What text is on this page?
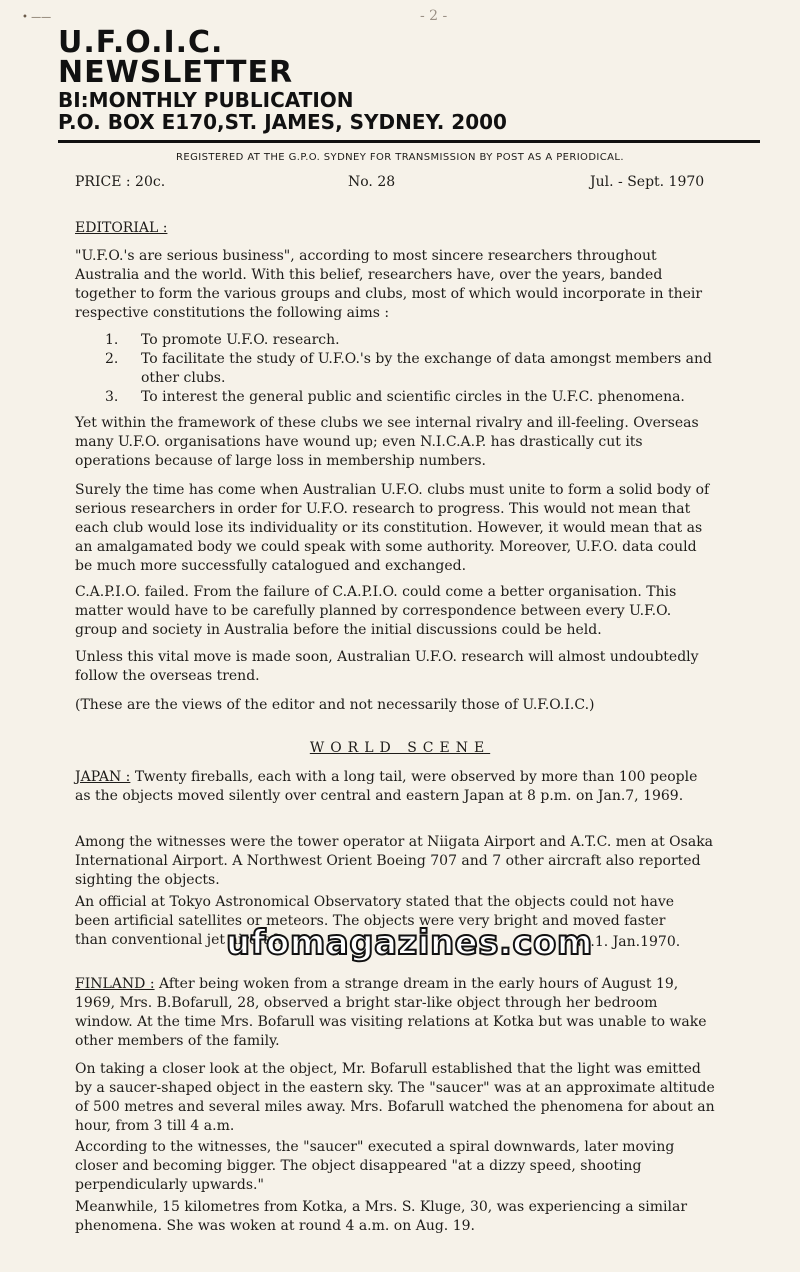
• ——	- 2 -
U.F.O.I.C.
NEWSLETTER
BI:MONTHLY PUBLICATION
P.O. BOX E170,ST. JAMES, SYDNEY. 2000
REGISTERED AT THE G.P.O. SYDNEY FOR TRANSMISSION BY POST AS A PERIODICAL.
PRICE : 20c.	No. 28	Jul. - Sept. 1970
EDITORIAL :

"U.F.O.'s are serious business", according to most sincere researchers throughout Australia and the world. With this belief, researchers have, over the years, banded together to form the various groups and clubs, most of which would incorporate in their respective constitutions the following aims :

1. To promote U.F.O. research.
2. To facilitate the study of U.F.O.'s by the exchange of data amongst members and other clubs.
3. To interest the general public and scientific circles in the U.F.C. phenomena.

Yet within the framework of these clubs we see internal rivalry and ill-feeling. Overseas many U.F.O. organisations have wound up; even N.I.C.A.P. has drastically cut its operations because of large loss in membership numbers.

Surely the time has come when Australian U.F.O. clubs must unite to form a solid body of serious researchers in order for U.F.O. research to progress. This would not mean that each club would lose its individuality or its constitution. However, it would mean that as an amalgamated body we could speak with some authority. Moreover, U.F.O. data could be much more successfully catalogued and exchanged.

C.A.P.I.O. failed. From the failure of C.A.P.I.O. could come a better organisation. This matter would have to be carefully planned by correspondence between every U.F.O. group and society in Australia before the initial discussions could be held.

Unless this vital move is made soon, Australian U.F.O. research will almost undoubtedly follow the overseas trend.

(These are the views of the editor and not necessarily those of U.F.O.I.C.)

WORLD SCENE

JAPAN : Twenty fireballs, each with a long tail, were observed by more than 100 people as the objects moved silently over central and eastern Japan at 8 p.m. on Jan.7, 1969.

Among the witnesses were the tower operator at Niigata Airport and A.T.C. men at Osaka International Airport. A Northwest Orient Boeing 707 and 7 other aircraft also reported sighting the objects.

An official at Tokyo Astronomical Observatory stated that the objects could not have been artificial satellites or meteors. The objects were very bright and moved faster than conventional jet aircraft.	No.1. Jan.1970.
ufomagazines.com

FINLAND : After being woken from a strange dream in the early hours of August 19, 1969, Mrs. B.Bofarull, 28, observed a bright star-like object through her bedroom window. At the time Mrs. Bofarull was visiting relations at Kotka but was unable to wake other members of the family.

On taking a closer look at the object, Mr. Bofarull established that the light was emitted by a saucer-shaped object in the eastern sky. The "saucer" was at an approximate altitude of 500 metres and several miles away. Mrs. Bofarull watched the phenomena for about an hour, from 3 till 4 a.m.

According to the witnesses, the "saucer" executed a spiral downwards, later moving closer and becoming bigger. The object disappeared "at a dizzy speed, shooting perpendicularly upwards."

Meanwhile, 15 kilometres from Kotka, a Mrs. S. Kluge, 30, was experiencing a similar phenomena. She was woken at round 4 a.m. on Aug. 19.
